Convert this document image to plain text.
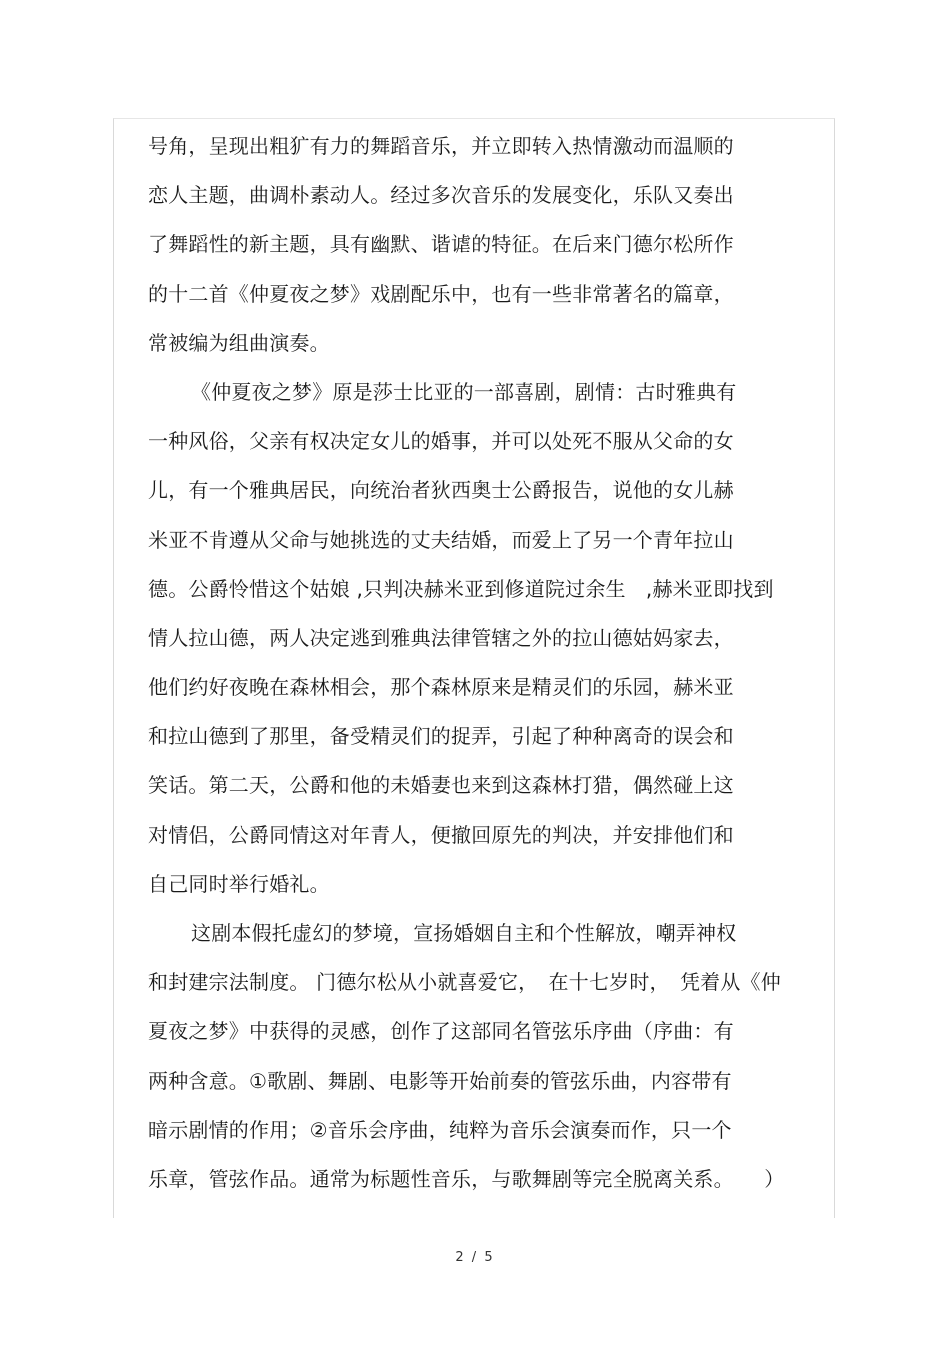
号角，呈现出粗犷有力的舞蹈音乐，并立即转入热情激动而温顺的
恋人主题，曲调朴素动人。经过多次音乐的发展变化，乐队又奏出
了舞蹈性的新主题，具有幽默、谐谑的特征。在后来门德尔松所作
的十二首《仲夏夜之梦》戏剧配乐中，也有一些非常著名的篇章，
常被编为组曲演奏。
《仲夏夜之梦》原是莎士比亚的一部喜剧，剧情：古时雅典有
一种风俗，父亲有权决定女儿的婚事，并可以处死不服从父命的女
儿，有一个雅典居民，向统治者狄西奥士公爵报告，说他的女儿赫
米亚不肯遵从父命与她挑选的丈夫结婚，而爱上了另一个青年拉山
德。公爵怜惜这个姑娘 ,只判决赫米亚到修道院过余生　,赫米亚即找到
情人拉山德，两人决定逃到雅典法律管辖之外的拉山德姑妈家去，
他们约好夜晚在森林相会，那个森林原来是精灵们的乐园，赫米亚
和拉山德到了那里，备受精灵们的捉弄，引起了种种离奇的误会和
笑话。第二天，公爵和他的未婚妻也来到这森林打猎，偶然碰上这
对情侣，公爵同情这对年青人，便撤回原先的判决，并安排他们和
自己同时举行婚礼。
这剧本假托虚幻的梦境，宣扬婚姻自主和个性解放，嘲弄神权
和封建宗法制度。 门德尔松从小就喜爱它，　在十七岁时，　凭着从《仲
夏夜之梦》中获得的灵感，创作了这部同名管弦乐序曲（序曲：有
两种含意。①歌剧、舞剧、电影等开始前奏的管弦乐曲，内容带有
暗示剧情的作用；②音乐会序曲，纯粹为音乐会演奏而作，只一个
乐章，管弦作品。通常为标题性音乐，与歌舞剧等完全脱离关系。　　）
2 / 5
